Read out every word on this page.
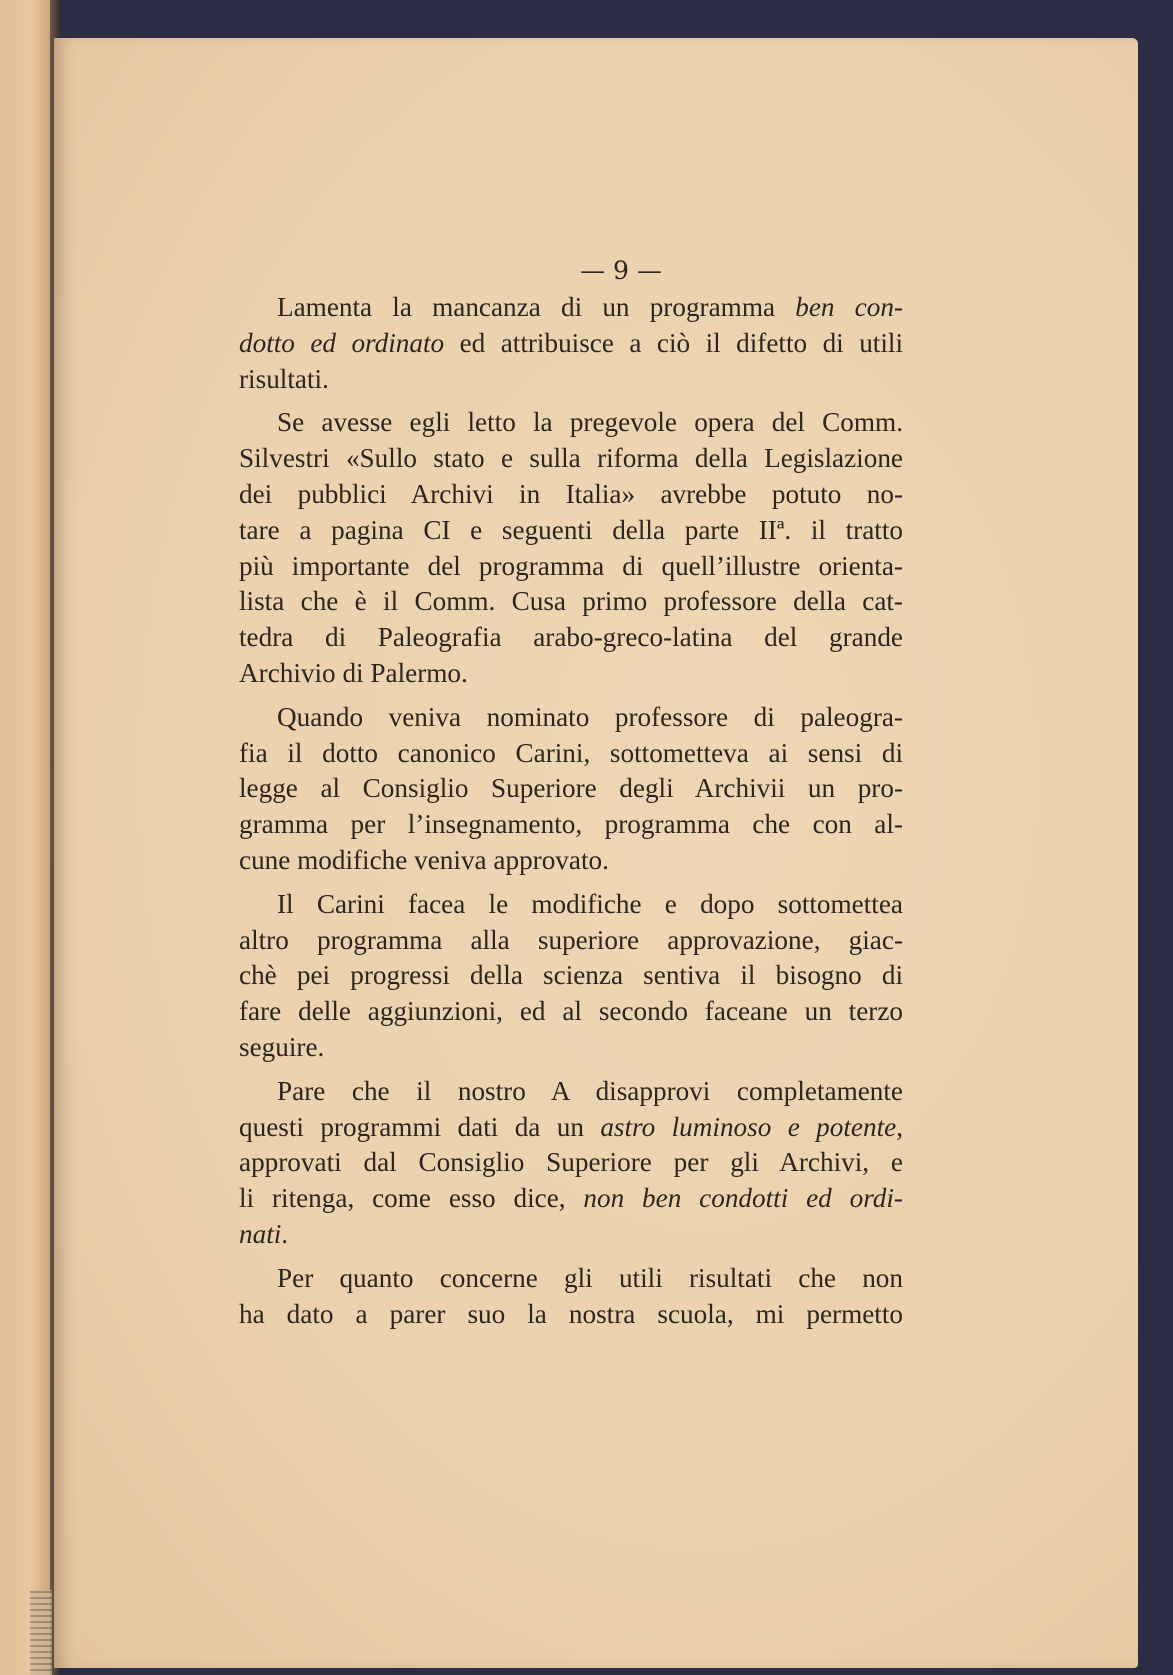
— 9 —
Lamenta la mancanza di un programma ben con-
dotto ed ordinato ed attribuisce a ciò il difetto di utili
risultati.
Se avesse egli letto la pregevole opera del Comm.
Silvestri «Sullo stato e sulla riforma della Legislazione
dei pubblici Archivi in Italia» avrebbe potuto no-
tare a pagina CI e seguenti della parte IIª. il tratto
più importante del programma di quell’illustre orienta-
lista che è il Comm. Cusa primo professore della cat-
tedra di Paleografia arabo-greco-latina del grande
Archivio di Palermo.
Quando veniva nominato professore di paleogra-
fia il dotto canonico Carini, sottometteva ai sensi di
legge al Consiglio Superiore degli Archivii un pro-
gramma per l’insegnamento, programma che con al-
cune modifiche veniva approvato.
Il Carini facea le modifiche e dopo sottomettea
altro programma alla superiore approvazione, giac-
chè pei progressi della scienza sentiva il bisogno di
fare delle aggiunzioni, ed al secondo faceane un terzo
seguire.
Pare che il nostro A disapprovi completamente
questi programmi dati da un astro luminoso e potente,
approvati dal Consiglio Superiore per gli Archivi, e
li ritenga, come esso dice, non ben condotti ed ordi-
nati.
Per quanto concerne gli utili risultati che non
ha dato a parer suo la nostra scuola, mi permetto
